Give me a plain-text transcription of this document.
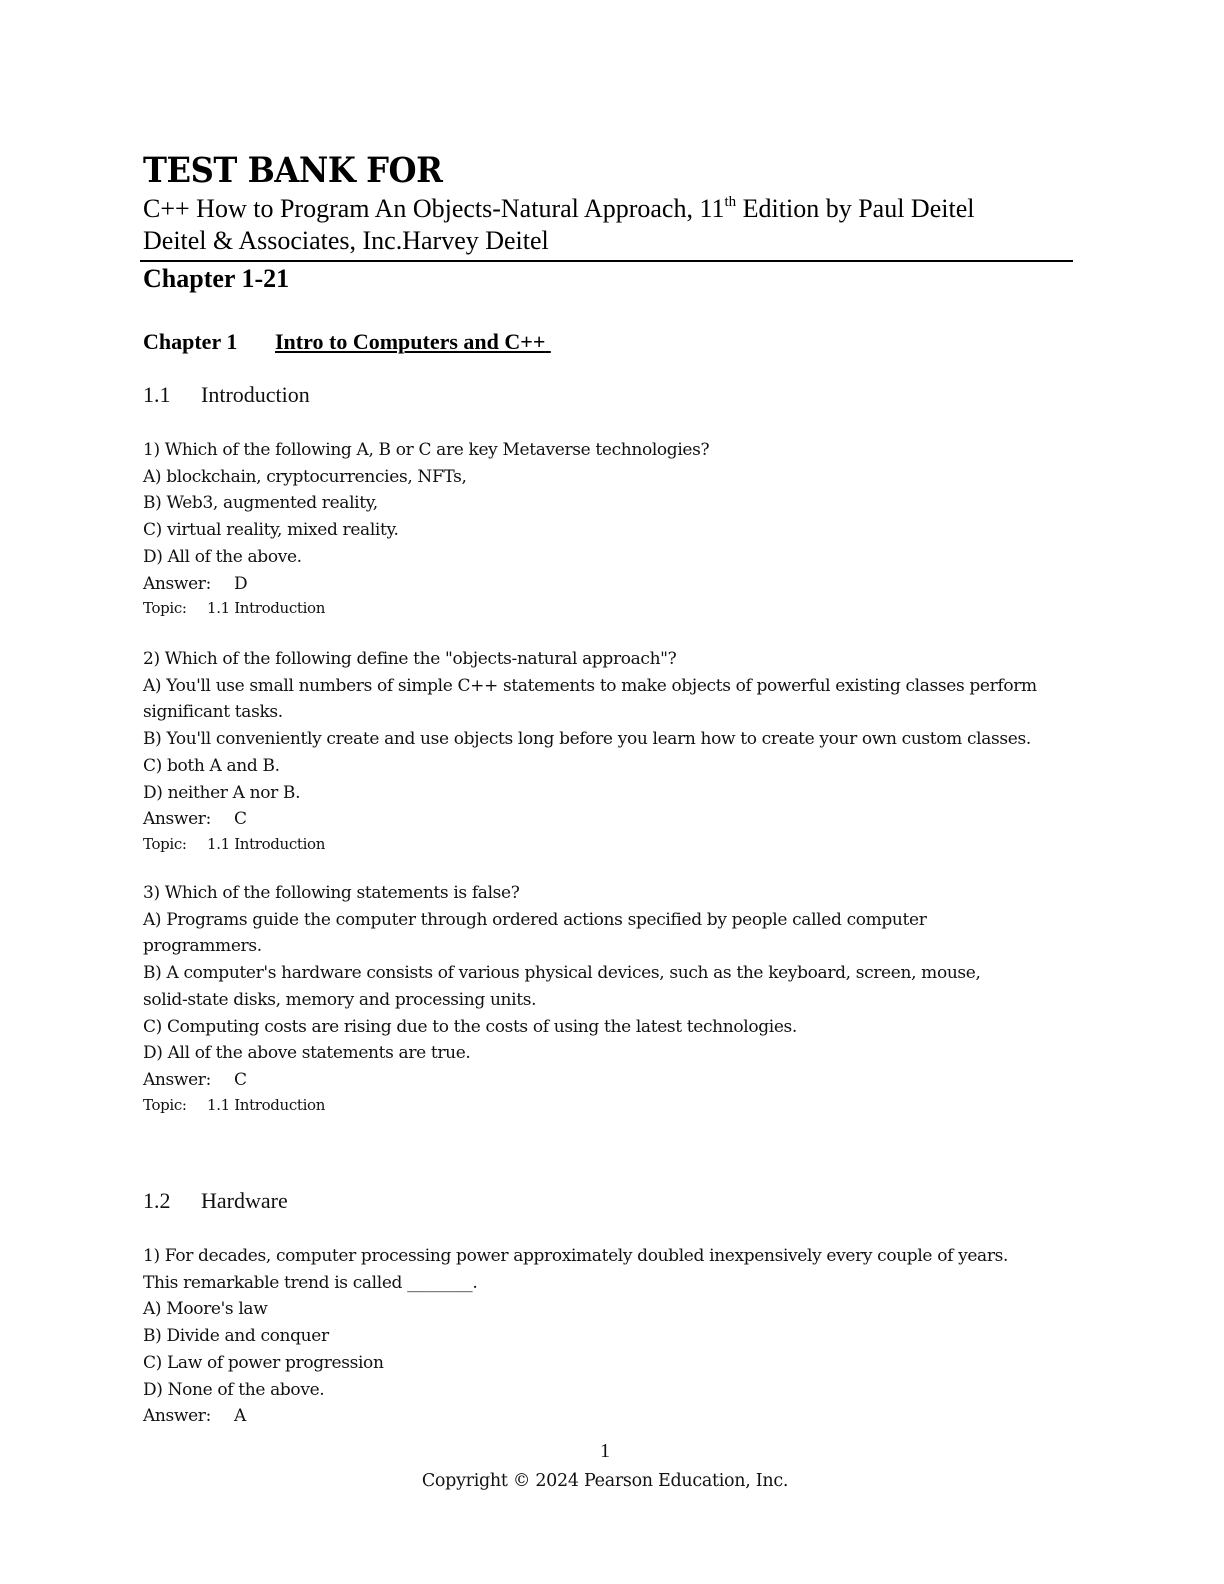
TEST BANK FOR
C++ How to Program An Objects-Natural Approach, 11th Edition by Paul Deitel
Deitel & Associates, Inc.Harvey Deitel
Chapter 1-21
Chapter 1 Intro to Computers and C++
1.1 Introduction
1) Which of the following A, B or C are key Metaverse technologies?
A) blockchain, cryptocurrencies, NFTs,
B) Web3, augmented reality,
C) virtual reality, mixed reality.
D) All of the above.
Answer: D
Topic: 1.1 Introduction
2) Which of the following define the "objects-natural approach"?
A) You'll use small numbers of simple C++ statements to make objects of powerful existing classes perform
significant tasks.
B) You'll conveniently create and use objects long before you learn how to create your own custom classes.
C) both A and B.
D) neither A nor B.
Answer: C
Topic: 1.1 Introduction
3) Which of the following statements is false?
A) Programs guide the computer through ordered actions specified by people called computer
programmers.
B) A computer's hardware consists of various physical devices, such as the keyboard, screen, mouse,
solid-state disks, memory and processing units.
C) Computing costs are rising due to the costs of using the latest technologies.
D) All of the above statements are true.
Answer: C
Topic: 1.1 Introduction
1.2 Hardware
1) For decades, computer processing power approximately doubled inexpensively every couple of years.
This remarkable trend is called ________.
A) Moore's law
B) Divide and conquer
C) Law of power progression
D) None of the above.
Answer: A
1
Copyright © 2024 Pearson Education, Inc.
